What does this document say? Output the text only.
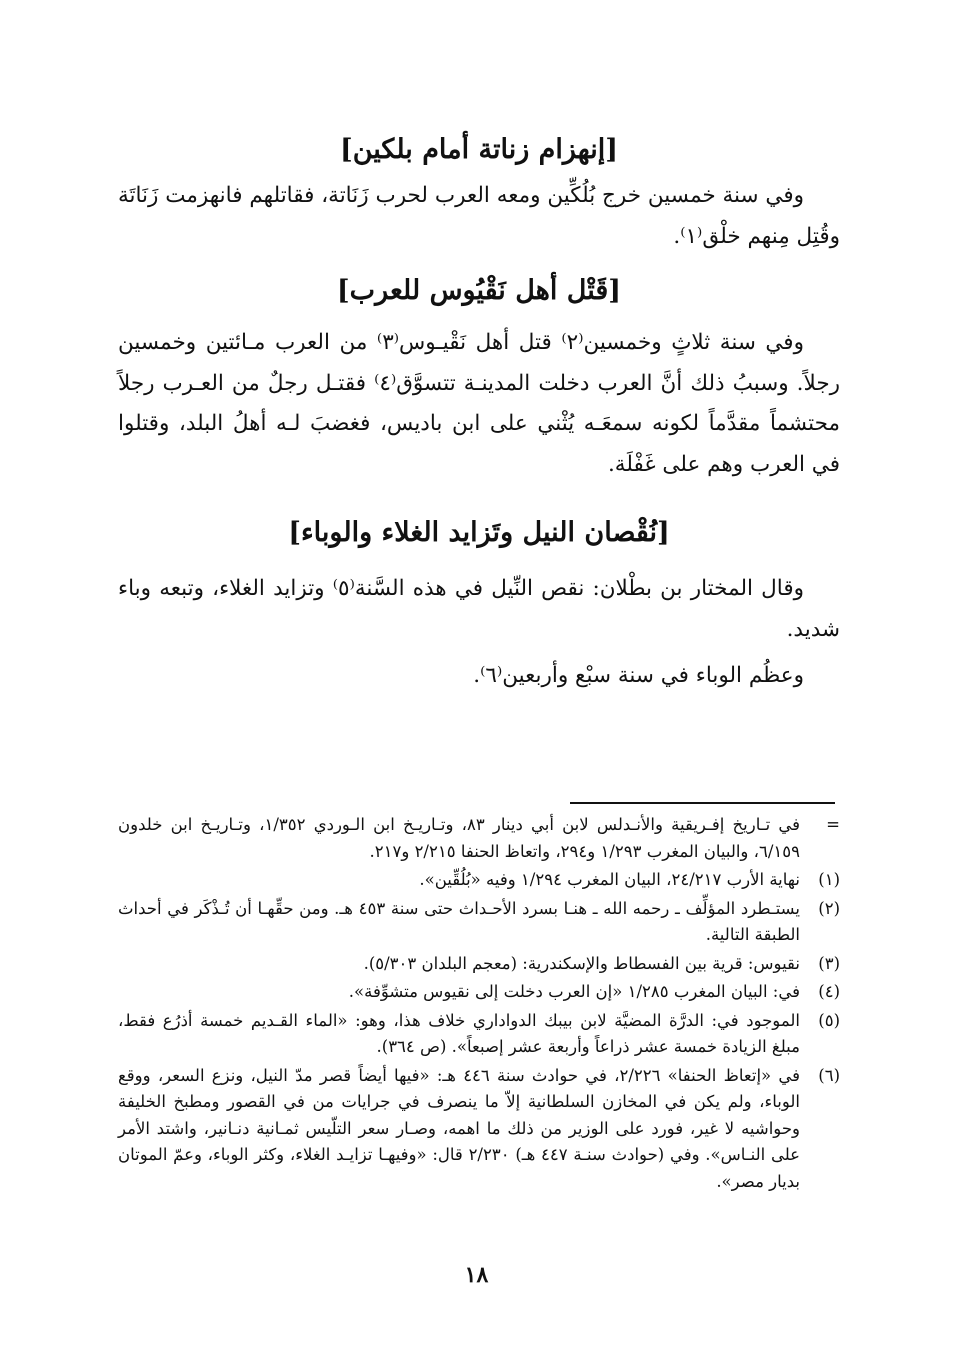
[إنهزام زناتة أمام بلكين]

وفي سنة خمسين خرج بُلُكِّين ومعه العرب لحرب زَنَاتة، فقاتلهم فانهزمت زَنَاتَة وقُتِل مِنهم خلْق⁽١⁾.

[قَتْل أهل نَقْيُوس للعرب]

وفي سنة ثلاثٍ وخمسين⁽٢⁾ قتل أهل نَقْيـوس⁽٣⁾ من العرب مـائتين وخمسين رجلاً. وسببُ ذلك أنَّ العرب دخلت المدينـة تتسوَّق⁽٤⁾ فقتـل رجلٌ من العـرب رجلاً محتشماً مقدَّماً لكونه سمعَـه يُثْني على ابن باديس، فغضبَ لـه أهلُ البلد، وقتلوا في العرب وهم على غَفْلَة.

[نُقْصان النيل وتَزايد الغلاء والوباء]

وقال المختار بن بطْلان: نقص النِّيل في هذه السَّنة⁽٥⁾ وتزايد الغلاء، وتبعه وباء شديد.

وعظُم الوباء في سنة سبْع وأربعين⁽٦⁾.

=
في تـاريخ إفـريقية والأنـدلس لابن أبي دينار ٨٣، وتـاريـخ ابن الـوردي ١/٣٥٢، وتـاريـخ ابن خلدون ٦/١٥٩، والبيان المغرب ١/٢٩٣ و٢٩٤، واتعاظ الحنفا ٢/٢١٥ و٢١٧.

(١)
نهاية الأرب ٢٤/٢١٧، البيان المغرب ١/٢٩٤ وفيه «بُلُقِّين».

(٢)
يستـطرد المؤلِّف ـ رحمه الله ـ هنـا بسرد الأحـداث حتى سنة ٤٥٣ هـ. ومن حقِّهـا أن تُـذْكَر في أحداث الطبقة التالية.

(٣)
نقيوس: قرية بين الفسطاط والإسكندرية: (معجم البلدان ٥/٣٠٣).

(٤)
في: البيان المغرب ١/٢٨٥ «إن العرب دخلت إلى نقيوس متشوِّفة».

(٥)
الموجود في: الدرَّة المضيَّة لابن بيبك الدواداري خلاف هذا، وهو: «الماء القـديم خمسة أذرُع فقط، مبلغ الزيادة خمسة عشر ذراعاً وأربعة عشر إصبعاً». (ص ٣٦٤).

(٦)
في «إتعاظ الحنفا» ٢/٢٢٦، في حوادث سنة ٤٤٦ هـ: «فيها أيضاً قصر مدّ النيل، ونزع السعر، ووقع الوباء، ولم يكن في المخازن السلطانية إلاّ ما ينصرف في جرايات من في القصور ومطبخ الخليفة وحواشيه لا غير، فورد على الوزير من ذلك ما اهمه، وصـار سعر التلّيس ثمـانية دنـانير، واشتد الأمر على النـاس». وفي (حوادث سنـة ٤٤٧ هـ) ٢/٢٣٠ قال: «وفيهـا تزايـد الغلاء، وكثر الوباء، وعمّ الموتان بديار مصر».

١٨
